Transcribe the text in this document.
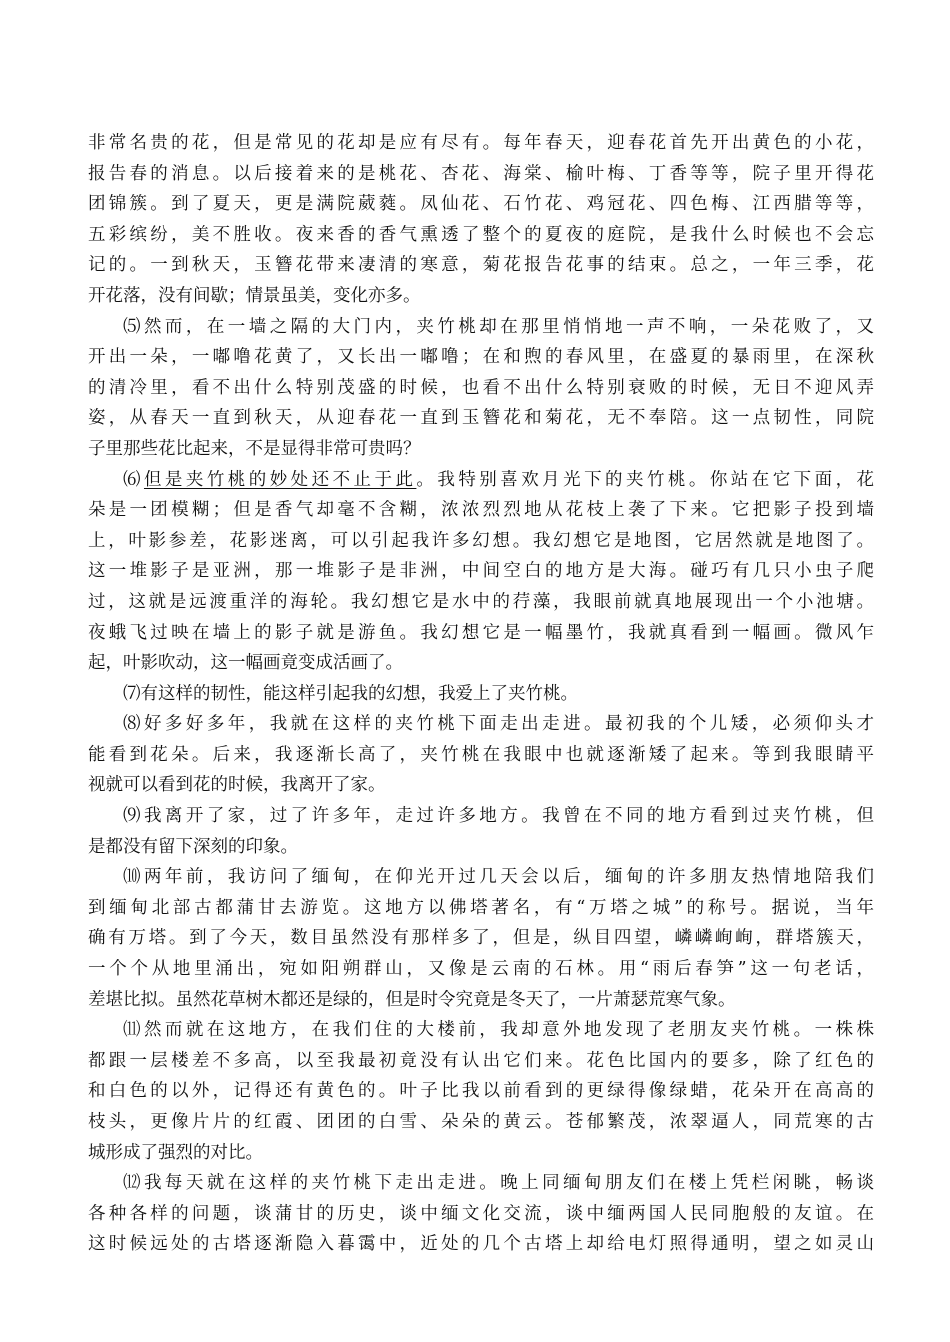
非常名贵的花，但是常见的花却是应有尽有。每年春天，迎春花首先开出黄色的小花，
报告春的消息。以后接着来的是桃花、杏花、海棠、榆叶梅、丁香等等，院子里开得花
团锦簇。到了夏天，更是满院葳蕤。凤仙花、石竹花、鸡冠花、四色梅、江西腊等等，
五彩缤纷，美不胜收。夜来香的香气熏透了整个的夏夜的庭院，是我什么时候也不会忘
记的。一到秋天，玉簪花带来凄清的寒意，菊花报告花事的结束。总之，一年三季，花
开花落，没有间歇；情景虽美，变化亦多。
⑸然而，在一墙之隔的大门内，夹竹桃却在那里悄悄地一声不响，一朵花败了，又
开出一朵，一嘟噜花黄了，又长出一嘟噜；在和煦的春风里，在盛夏的暴雨里，在深秋
的清冷里，看不出什么特别茂盛的时候，也看不出什么特别衰败的时候，无日不迎风弄
姿，从春天一直到秋天，从迎春花一直到玉簪花和菊花，无不奉陪。这一点韧性，同院
子里那些花比起来，不是显得非常可贵吗？
⑹但是夹竹桃的妙处还不止于此。我特别喜欢月光下的夹竹桃。你站在它下面，花
朵是一团模糊；但是香气却毫不含糊，浓浓烈烈地从花枝上袭了下来。它把影子投到墙
上，叶影参差，花影迷离，可以引起我许多幻想。我幻想它是地图，它居然就是地图了。
这一堆影子是亚洲，那一堆影子是非洲，中间空白的地方是大海。碰巧有几只小虫子爬
过，这就是远渡重洋的海轮。我幻想它是水中的荇藻，我眼前就真地展现出一个小池塘。
夜蛾飞过映在墙上的影子就是游鱼。我幻想它是一幅墨竹，我就真看到一幅画。微风乍
起，叶影吹动，这一幅画竟变成活画了。
⑺有这样的韧性，能这样引起我的幻想，我爱上了夹竹桃。
⑻好多好多年，我就在这样的夹竹桃下面走出走进。最初我的个儿矮，必须仰头才
能看到花朵。后来，我逐渐长高了，夹竹桃在我眼中也就逐渐矮了起来。等到我眼睛平
视就可以看到花的时候，我离开了家。
⑼我离开了家，过了许多年，走过许多地方。我曾在不同的地方看到过夹竹桃，但
是都没有留下深刻的印象。
⑽两年前，我访问了缅甸，在仰光开过几天会以后，缅甸的许多朋友热情地陪我们
到缅甸北部古都蒲甘去游览。这地方以佛塔著名，有“万塔之城”的称号。据说，当年
确有万塔。到了今天，数目虽然没有那样多了，但是，纵目四望，嶙嶙峋峋，群塔簇天，
一个个从地里涌出，宛如阳朔群山，又像是云南的石林。用“雨后春笋”这一句老话，
差堪比拟。虽然花草树木都还是绿的，但是时令究竟是冬天了，一片萧瑟荒寒气象。
⑾然而就在这地方，在我们住的大楼前，我却意外地发现了老朋友夹竹桃。一株株
都跟一层楼差不多高，以至我最初竟没有认出它们来。花色比国内的要多，除了红色的
和白色的以外，记得还有黄色的。叶子比我以前看到的更绿得像绿蜡，花朵开在高高的
枝头，更像片片的红霞、团团的白雪、朵朵的黄云。苍郁繁茂，浓翠逼人，同荒寒的古
城形成了强烈的对比。
⑿我每天就在这样的夹竹桃下走出走进。晚上同缅甸朋友们在楼上凭栏闲眺，畅谈
各种各样的问题，谈蒲甘的历史，谈中缅文化交流，谈中缅两国人民同胞般的友谊。在
这时候远处的古塔逐渐隐入暮霭中，近处的几个古塔上却给电灯照得通明，望之如灵山
